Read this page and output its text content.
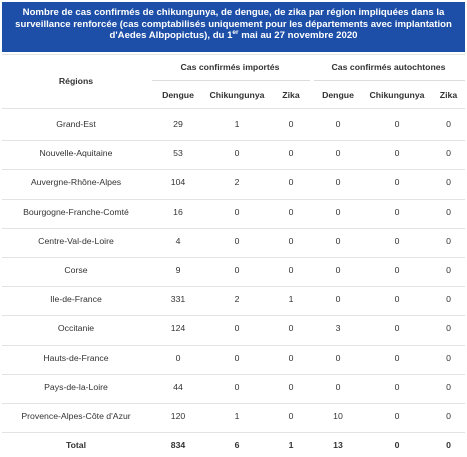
Nombre de cas confirmés de chikungunya, de dengue, de zika par région impliquées dans la
surveillance renforcée (cas comptabilisés uniquement pour les départements avec implantation
d'Aedes Albpopictus), du 1er mai au 27 novembre 2020
Régions
Cas confirmés importés	Cas confirmés autochtones
Dengue	Chikungunya	Zika	Dengue	Chikungunya	Zika
Grand-Est	29	1	0	0	0	0
Nouvelle-Aquitaine	53	0	0	0	0	0
Auvergne-Rhône-Alpes	104	2	0	0	0	0
Bourgogne-Franche-Comté	16	0	0	0	0	0
Centre-Val-de-Loire	4	0	0	0	0	0
Corse	9	0	0	0	0	0
Ile-de-France	331	2	1	0	0	0
Occitanie	124	0	0	3	0	0
Hauts-de-France	0	0	0	0	0	0
Pays-de-la-Loire	44	0	0	0	0	0
Provence-Alpes-Côte d'Azur	120	1	0	10	0	0
Total	834	6	1	13	0	0
